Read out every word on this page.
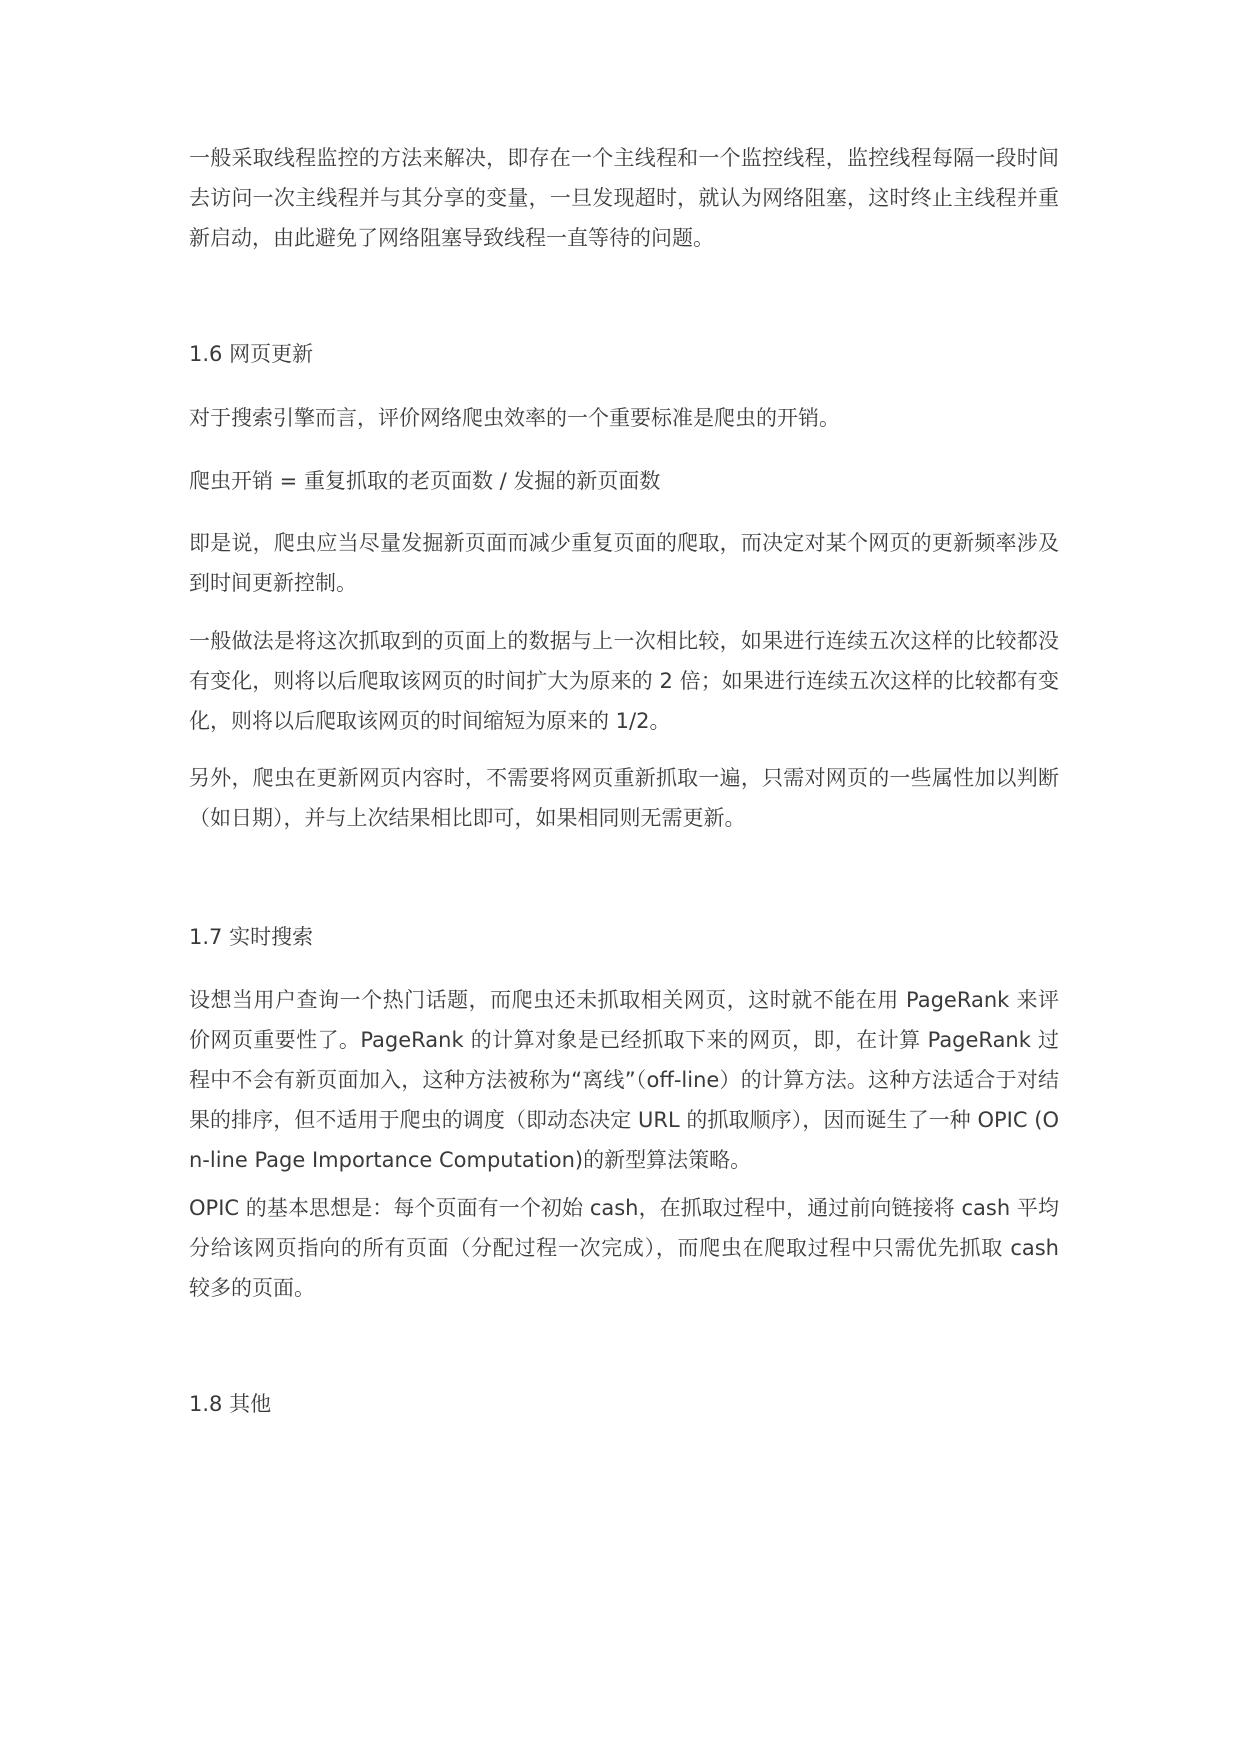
一般采取线程监控的方法来解决，即存在一个主线程和一个监控线程，监控线程每隔一段时间去访问一次主线程并与其分享的变量，一旦发现超时，就认为网络阻塞，这时终止主线程并重新启动，由此避免了网络阻塞导致线程一直等待的问题。

1.6 网页更新

对于搜索引擎而言，评价网络爬虫效率的一个重要标准是爬虫的开销。

爬虫开销 = 重复抓取的老页面数 / 发掘的新页面数

即是说，爬虫应当尽量发掘新页面而减少重复页面的爬取，而决定对某个网页的更新频率涉及到时间更新控制。

一般做法是将这次抓取到的页面上的数据与上一次相比较，如果进行连续五次这样的比较都没有变化，则将以后爬取该网页的时间扩大为原来的 2 倍；如果进行连续五次这样的比较都有变化，则将以后爬取该网页的时间缩短为原来的 1/2。

另外，爬虫在更新网页内容时，不需要将网页重新抓取一遍，只需对网页的一些属性加以判断（如日期），并与上次结果相比即可，如果相同则无需更新。

1.7 实时搜索

设想当用户查询一个热门话题，而爬虫还未抓取相关网页，这时就不能在用 PageRank 来评价网页重要性了。PageRank 的计算对象是已经抓取下来的网页，即，在计算 PageRank 过程中不会有新页面加入，这种方法被称为“离线”（off-line）的计算方法。这种方法适合于对结果的排序，但不适用于爬虫的调度（即动态决定 URL 的抓取顺序），因而诞生了一种 OPIC (On-line Page Importance Computation)的新型算法策略。

OPIC 的基本思想是：每个页面有一个初始 cash，在抓取过程中，通过前向链接将 cash 平均分给该网页指向的所有页面（分配过程一次完成），而爬虫在爬取过程中只需优先抓取 cash 较多的页面。

1.8 其他
